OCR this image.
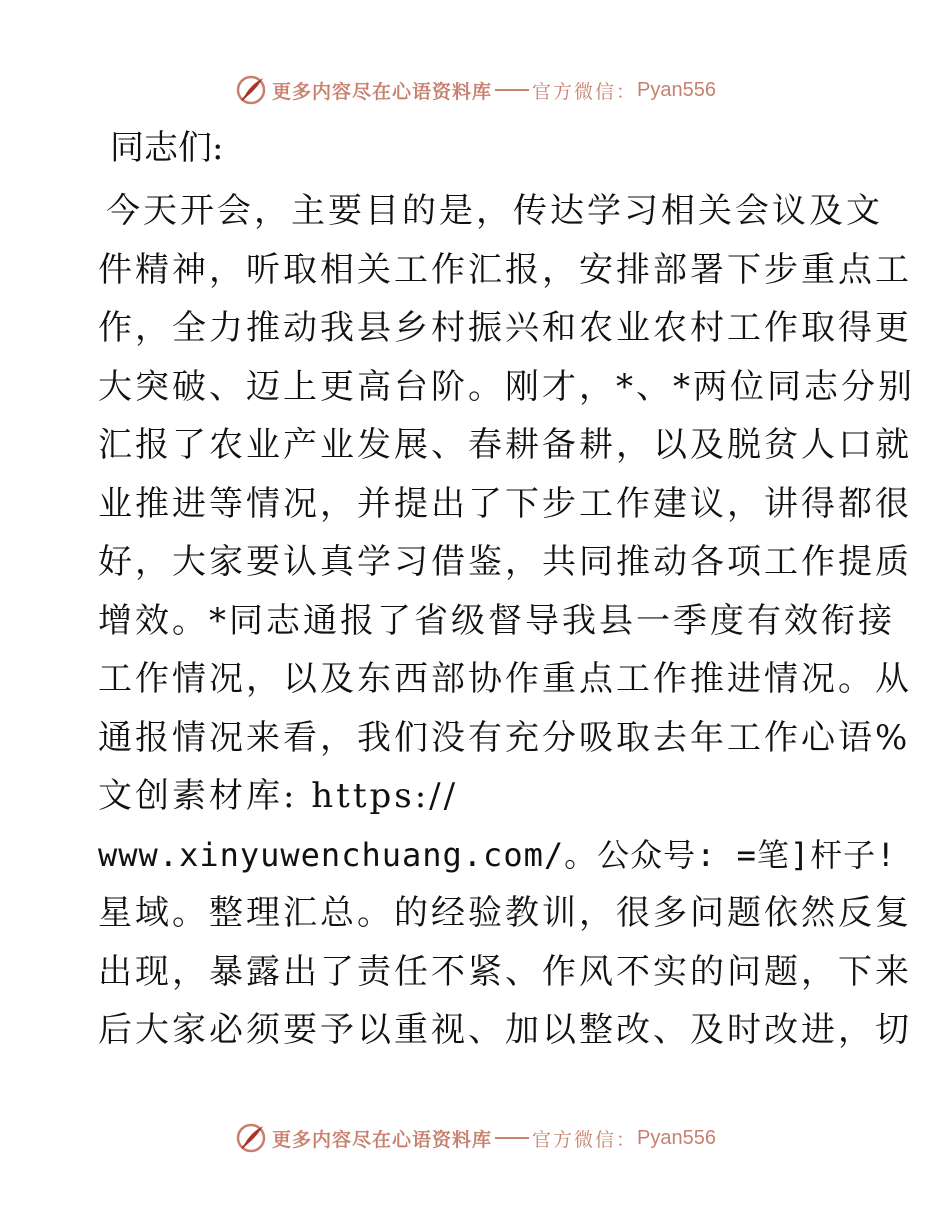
更多内容尽在心语资料库 官方微信： Pyan556
同志们:
今天开会，主要目的是，传达学习相关会议及文
件精神，听取相关工作汇报，安排部署下步重点工
作，全力推动我县乡村振兴和农业农村工作取得更
大突破、迈上更高台阶。刚才，*、*两位同志分别
汇报了农业产业发展、春耕备耕，以及脱贫人口就
业推进等情况，并提出了下步工作建议，讲得都很
好，大家要认真学习借鉴，共同推动各项工作提质
增效。*同志通报了省级督导我县一季度有效衔接
工作情况，以及东西部协作重点工作推进情况。从
通报情况来看，我们没有充分吸取去年工作心语%
文创素材库: https://
www.xinyuwenchuang.com/。公众号: =笔]杆子!
星域。整理汇总。的经验教训，很多问题依然反复
出现，暴露出了责任不紧、作风不实的问题，下来
后大家必须要予以重视、加以整改、及时改进，切
更多内容尽在心语资料库 官方微信： Pyan556
